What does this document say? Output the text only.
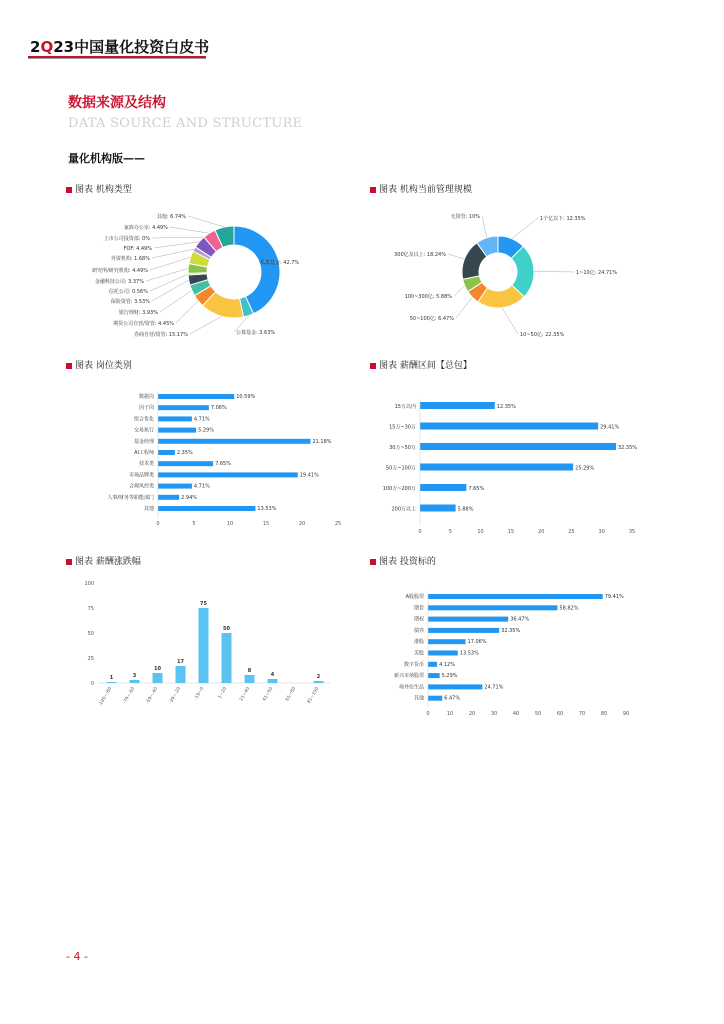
2Q23中国量化投资白皮书
数据来源及结构
DATA SOURCE AND STRUCTURE
量化机构版——
图表 机构类型	图表 机构当前管理规模
图表 岗位类别	图表 薪酬区间【总包】
图表 薪酬涨跌幅	图表 投资标的
私募基金: 42.7%
公募基金: 3.63%
券商自营/资管: 15.17%
期货公司自营/资管: 4.45%
银行理财: 3.93%
保险资管: 3.53%
信托公司: 0.56%
金融科技公司: 3.37%
研究所/研究机构: 4.49%
外资机构: 1.68%
FOF: 4.49%
上市公司投资部: 0%
家族办公室: 4.49%
其他: 6.74%	1个亿以下: 12.35%
1~10亿: 24.71%
10~50亿: 22.35%
50~100亿: 6.47%
100~300亿: 5.88%
300亿及以上: 18.24%
无资管: 10%
数据岗	10.59%
因子岗	7.06%
组合优化	4.71%
交易执行	5.29%
基金经理	21.18%
AI工程师	2.35%
技术类	7.65%
市场品牌类	19.41%
合规风控类	4.71%
人事/财务等职能部门	2.94%
其他	13.53%
0	5	10	15	20	25
15万以内	12.35%
15万~30万	29.41%
30万~50万	32.35%
50万~100万	25.29%
100万~200万	7.65%
200万以上	5.88%
0	5	10	15	20	25	30	35
0
25
50
75
100
1
-100~-80
3
-79~-60
10
-59~-40
17
-39~-20
75
-19~0
50
1~20
8
21~40
4
41~60 61~80
2
81~100
A股股票	79.41%
期货	58.82%
期权	36.47%
债券	32.35%
港股	17.06%
美股	13.53%
数字货币	4.12%
新兴市场股票	5.29%
场外衍生品	24.71%
其他	6.47%
0	10	20	30	40	50	60	70	80	90
- 4 -
